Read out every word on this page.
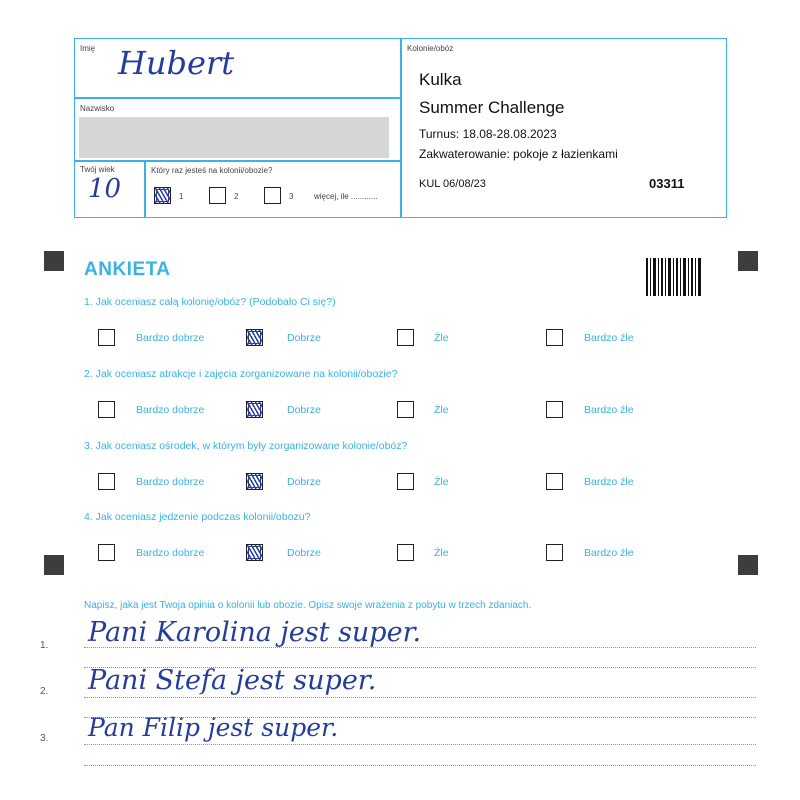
Imię Hubert
Nazwisko
Twój wiek
10
Który raz jesteś na kolonii/obozie?
1	2	3	więcej, ile ............
Kolonie/obóz
Kulka
Summer Challenge
Turnus: 18.08-28.08.2023
Zakwaterowanie: pokoje z łazienkami
KUL 06/08/23	03311
ANKIETA
1. Jak oceniasz całą kolonię/obóz? (Podobało Ci się?)
Bardzo dobrze	Dobrze	Źle	Bardzo źle
2. Jak oceniasz atrakcje i zajęcia zorganizowane na kolonii/obozie?
Bardzo dobrze	Dobrze	Źle	Bardzo źle
3. Jak oceniasz ośrodek, w którym były zorganizowane kolonie/obóz?
Bardzo dobrze	Dobrze	Źle	Bardzo źle
4. Jak oceniasz jedzenie podczas kolonii/obozu?
Bardzo dobrze	Dobrze	Źle	Bardzo źle
Napisz, jaka jest Twoja opinia o kolonii lub obozie. Opisz swoje wrażenia z pobytu w trzech zdaniach.
1.
2.
3.
Pani Karolina jest super.
Pani Stefa jest super.
Pan Filip jest super.
